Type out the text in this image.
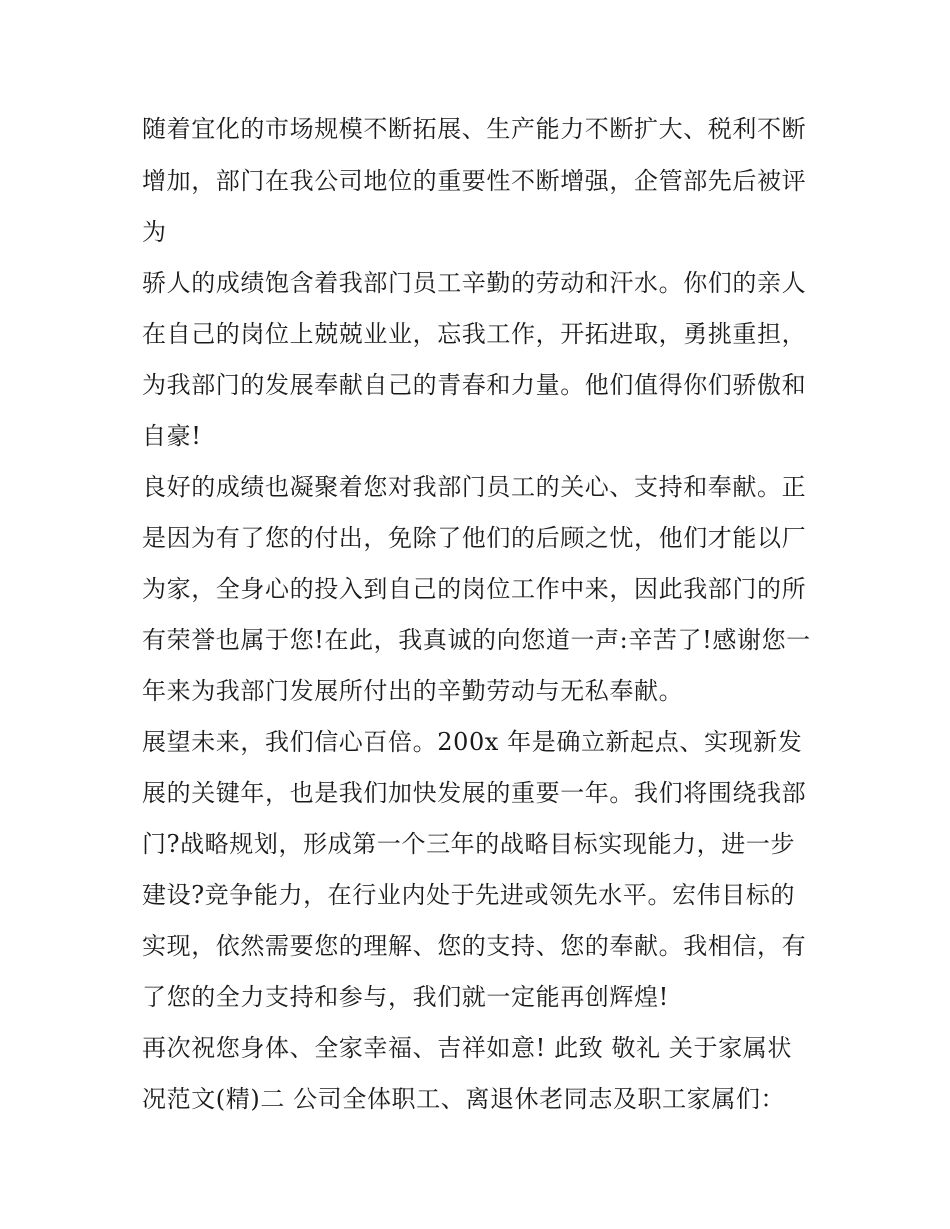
随着宜化的市场规模不断拓展、生产能力不断扩大、税利不断
增加，部门在我公司地位的重要性不断增强，企管部先后被评
为
骄人的成绩饱含着我部门员工辛勤的劳动和汗水。你们的亲人
在自己的岗位上兢兢业业，忘我工作，开拓进取，勇挑重担，
为我部门的发展奉献自己的青春和力量。他们值得你们骄傲和
自豪!
良好的成绩也凝聚着您对我部门员工的关心、支持和奉献。正
是因为有了您的付出，免除了他们的后顾之忧，他们才能以厂
为家，全身心的投入到自己的岗位工作中来，因此我部门的所
有荣誉也属于您!在此，我真诚的向您道一声:辛苦了!感谢您一
年来为我部门发展所付出的辛勤劳动与无私奉献。
展望未来，我们信心百倍。200x 年是确立新起点、实现新发
展的关键年，也是我们加快发展的重要一年。我们将围绕我部
门?战略规划，形成第一个三年的战略目标实现能力，进一步
建设?竞争能力，在行业内处于先进或领先水平。宏伟目标的
实现，依然需要您的理解、您的支持、您的奉献。我相信，有
了您的全力支持和参与，我们就一定能再创辉煌!
再次祝您身体、全家幸福、吉祥如意! 此致 敬礼 关于家属状
况范文(精)二 公司全体职工、离退休老同志及职工家属们：
